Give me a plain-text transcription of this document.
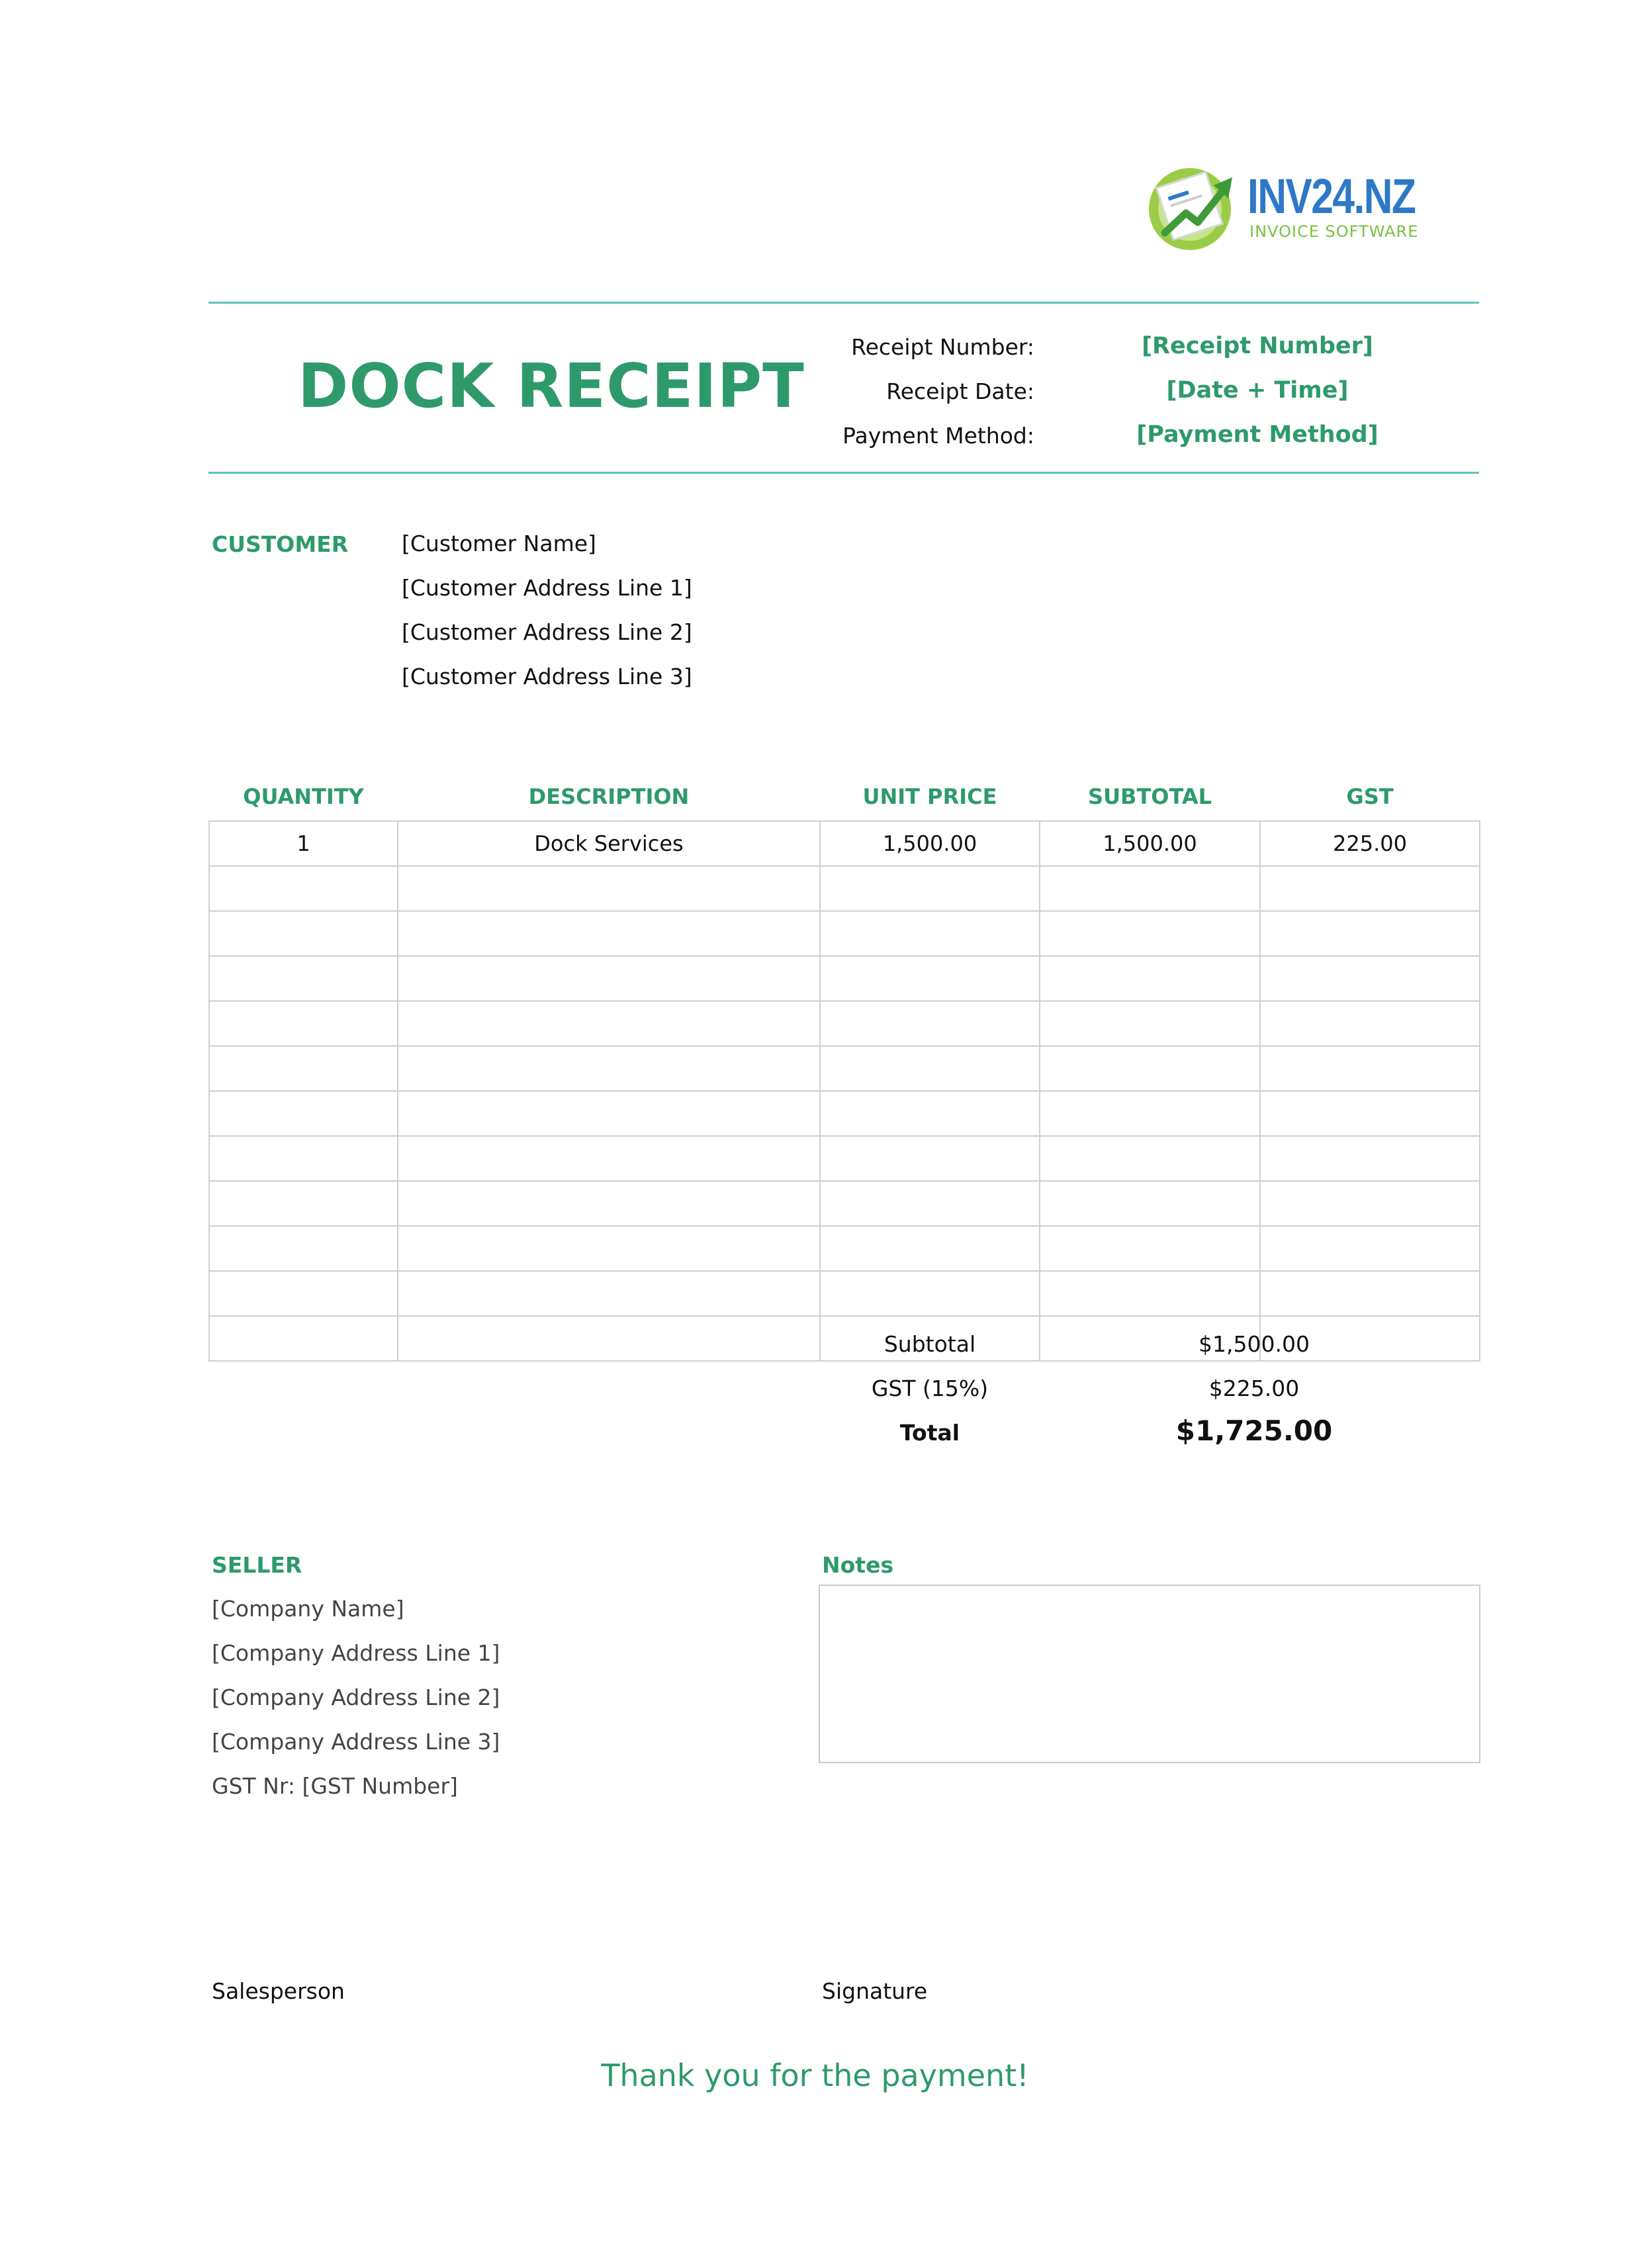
INV24.NZ
INVOICE SOFTWARE
DOCK RECEIPT
Receipt Number:	[Receipt Number]
Receipt Date:	[Date + Time]
Payment Method:	[Payment Method]
CUSTOMER [Customer Name]
[Customer Address Line 1]
[Customer Address Line 2]
[Customer Address Line 3]
QUANTITY	DESCRIPTION	UNIT PRICE	SUBTOTAL	GST
1	Dock Services	1,500.00	1,500.00	225.00

Subtotal	$1,500.00
GST (15%)	$225.00
Total	$1,725.00
SELLER
[Company Name]
[Company Address Line 1]
[Company Address Line 2]
[Company Address Line 3]
GST Nr: [GST Number]
Notes
Salesperson	Signature
Thank you for the payment!
